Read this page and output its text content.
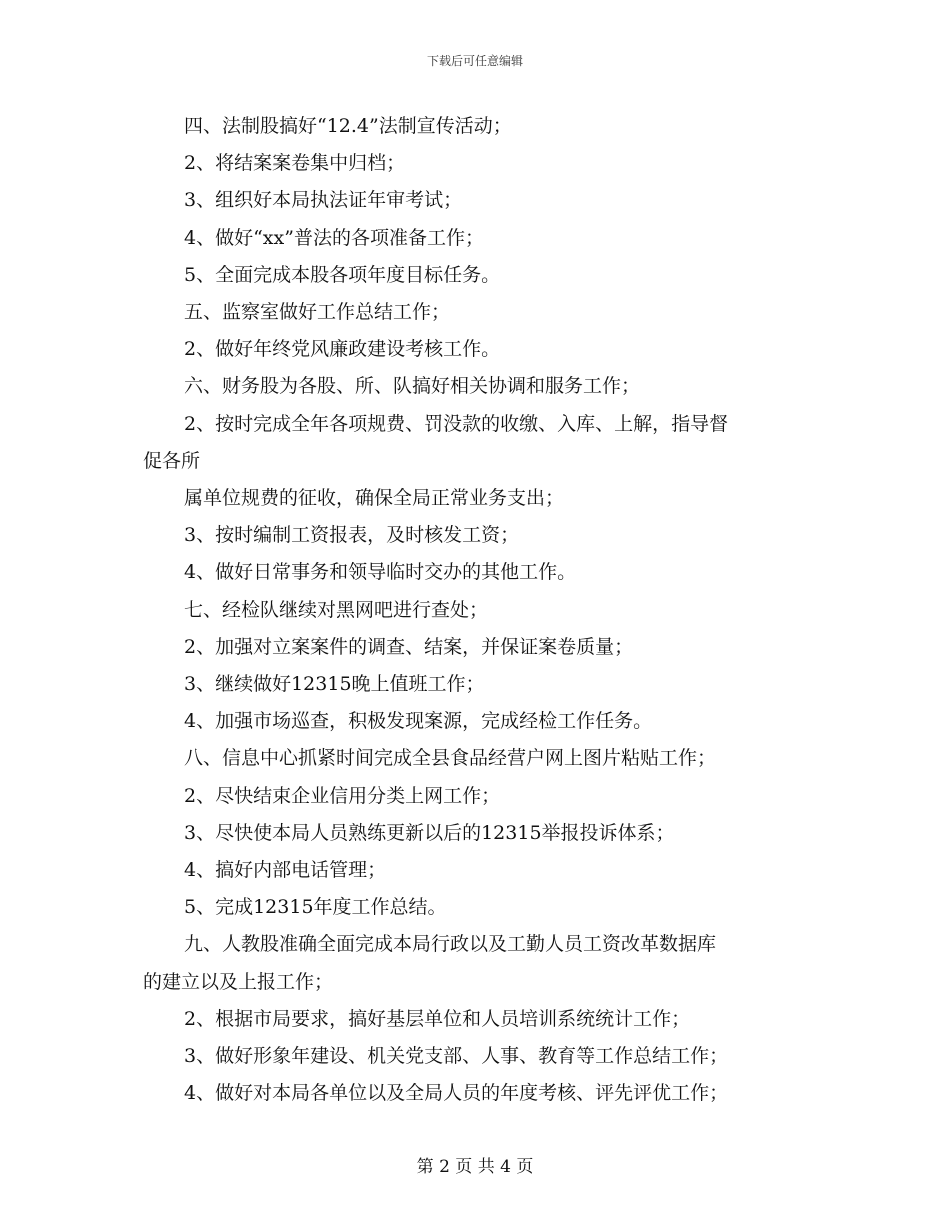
下载后可任意编辑

四、法制股搞好“12.4”法制宣传活动；

2、将结案案卷集中归档；

3、组织好本局执法证年审考试；

4、做好“xx”普法的各项准备工作；

5、全面完成本股各项年度目标任务。

五、监察室做好工作总结工作；

2、做好年终党风廉政建设考核工作。

六、财务股为各股、所、队搞好相关协调和服务工作；

2、按时完成全年各项规费、罚没款的收缴、入库、上解，指导督

促各所

属单位规费的征收，确保全局正常业务支出；

3、按时编制工资报表，及时核发工资；

4、做好日常事务和领导临时交办的其他工作。

七、经检队继续对黑网吧进行查处；

2、加强对立案案件的调查、结案，并保证案卷质量；

3、继续做好12315晚上值班工作；

4、加强市场巡查，积极发现案源，完成经检工作任务。

八、信息中心抓紧时间完成全县食品经营户网上图片粘贴工作；

2、尽快结束企业信用分类上网工作；

3、尽快使本局人员熟练更新以后的12315举报投诉体系；

4、搞好内部电话管理；

5、完成12315年度工作总结。

九、人教股准确全面完成本局行政以及工勤人员工资改革数据库

的建立以及上报工作；

2、根据市局要求，搞好基层单位和人员培训系统统计工作；

3、做好形象年建设、机关党支部、人事、教育等工作总结工作；

4、做好对本局各单位以及全局人员的年度考核、评先评优工作；

第 2 页 共 4 页
